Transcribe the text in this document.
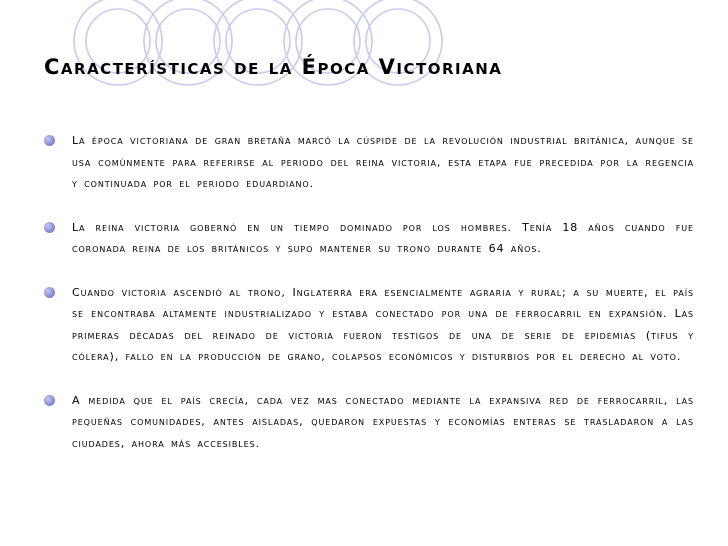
Características de la Época Victoriana
La época victoriana de gran bretaña marcó la cúspide de la revolución industrial británica, aunque se usa comúnmente para referirse al periodo del reina victoria, esta etapa fue precedida por la regencia y continuada por el periodo eduardiano.
La reina victoria gobernó en un tiempo dominado por los hombres. Tenía 18 años cuando fue coronada reina de los británicos y supo mantener su trono durante 64 años.
Cuando victoria ascendió al trono, Inglaterra era esencialmente agraria y rural; a su muerte, el país se encontraba altamente industrializado y estaba conectado por una de ferrocarril en expansión. Las primeras décadas del reinado de victoria fueron testigos de una de serie de epidemias (tifus y cólera), fallo en la producción de grano, colapsos económicos y disturbios por el derecho al voto.
A medida que el país crecía, cada vez mas conectado mediante la expansiva red de ferrocarril, las pequeñas comunidades, antes aisladas, quedaron expuestas y economías enteras se trasladaron a las ciudades, ahora más accesibles.
